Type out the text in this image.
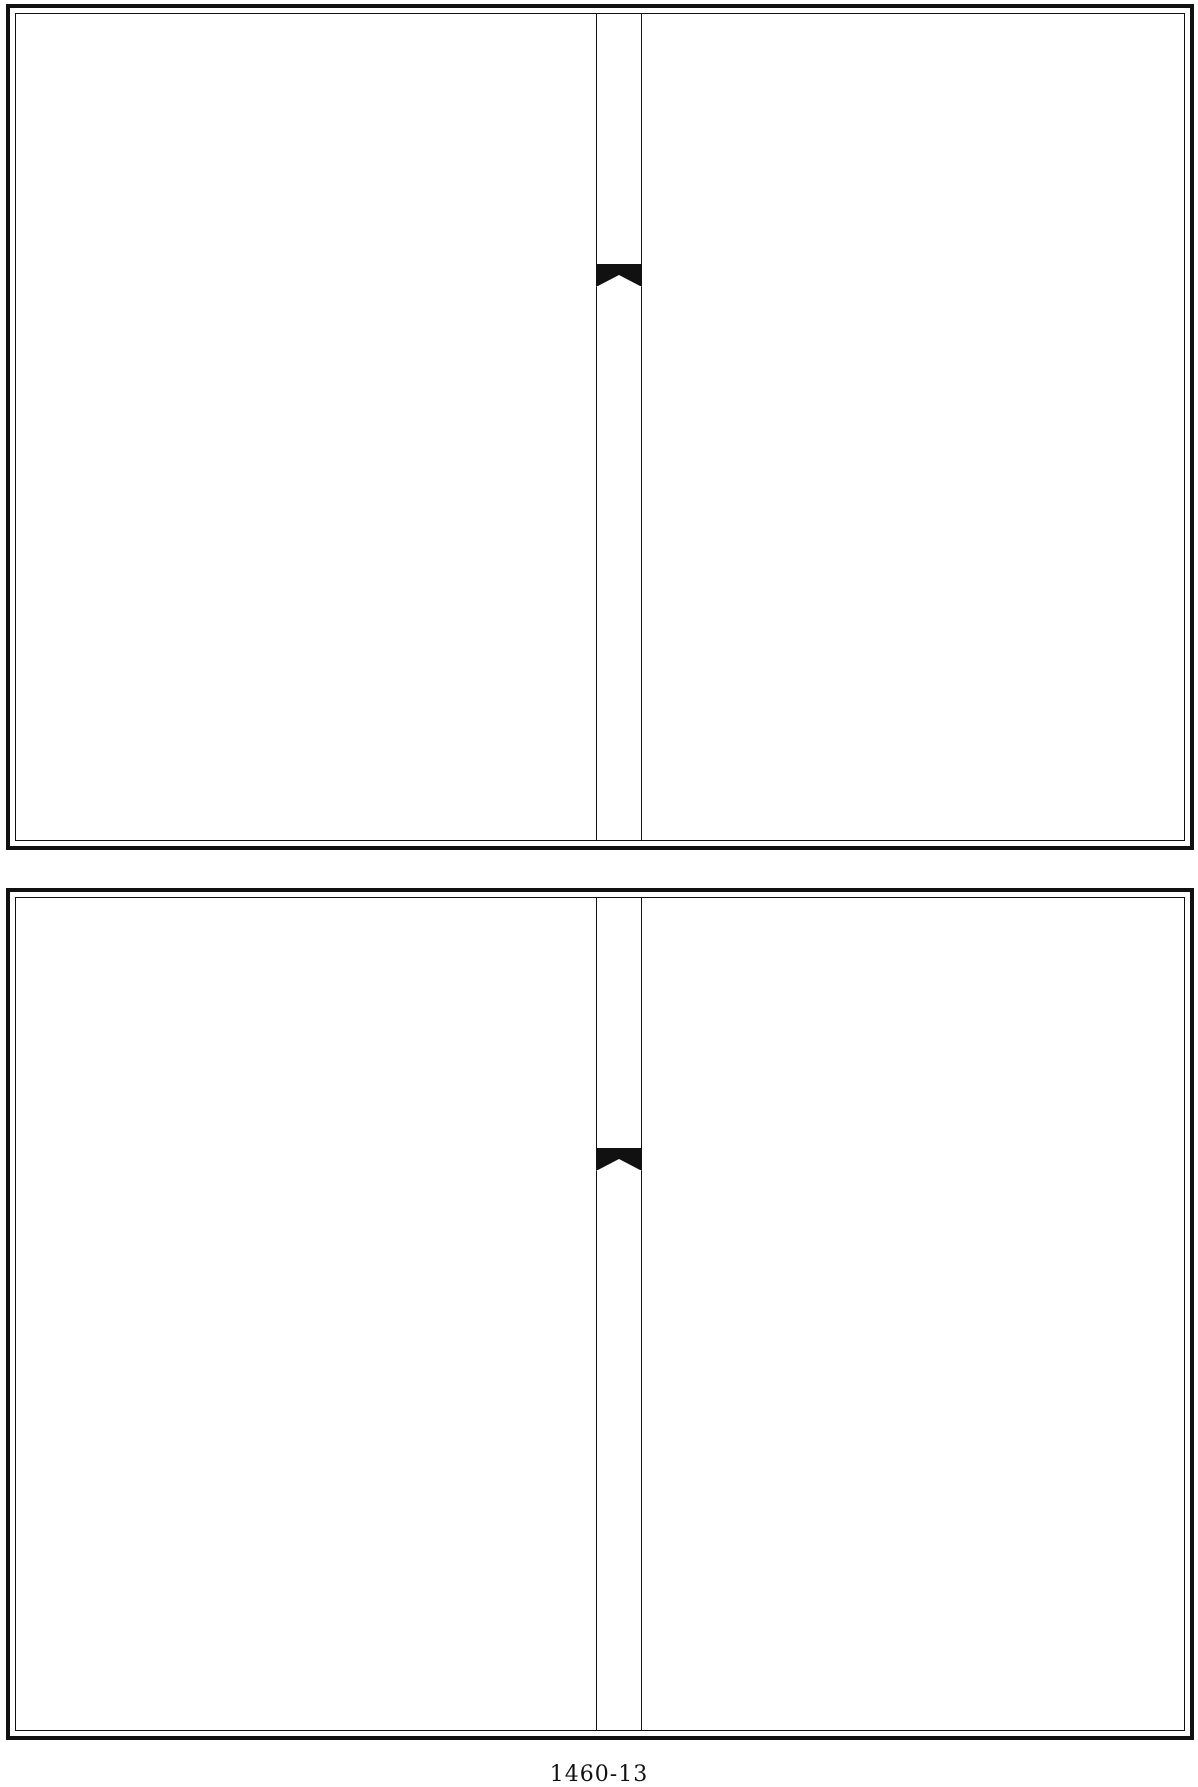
1460-13
